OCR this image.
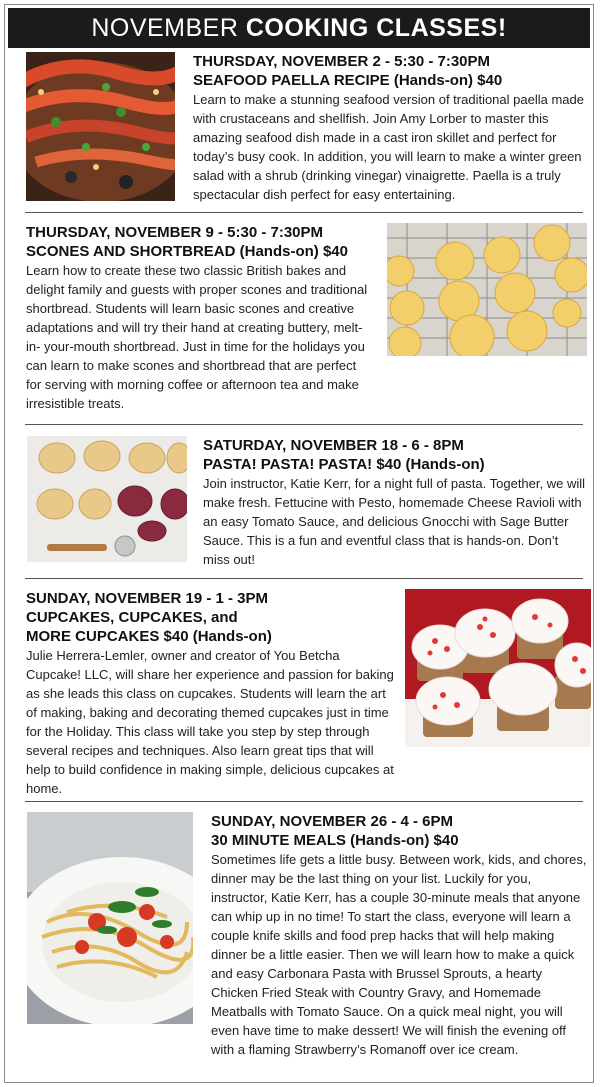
NOVEMBER COOKING CLASSES!

THURSDAY, NOVEMBER 2 - 5:30 - 7:30PM

SEAFOOD PAELLA RECIPE (Hands-on) $40

Learn to make a stunning seafood version of traditional paella made with crustaceans and shellfish. Join Amy Lorber to master this amazing seafood dish made in a cast iron skillet and perfect for today’s busy cook. In addition, you will learn to make a winter green salad with a shrub (drinking vinegar) vinaigrette. Paella is a truly spectacular dish perfect for easy entertaining.

THURSDAY, NOVEMBER 9 - 5:30 - 7:30PM

SCONES AND SHORTBREAD (Hands-on) $40

Learn how to create these two classic British bakes and delight family and guests with proper scones and traditional shortbread. Students will learn basic scones and creative adaptations and will try their hand at creating buttery, melt-in- your-mouth shortbread. Just in time for the holidays you can learn to make scones and shortbread that are perfect for serving with morning coffee or afternoon tea and make irresistible treats.

SATURDAY, NOVEMBER 18 - 6 - 8PM

PASTA! PASTA! PASTA! $40 (Hands-on)

Join instructor, Katie Kerr, for a night full of pasta. Together, we will make fresh. Fettucine with Pesto, homemade Cheese Ravioli with an easy Tomato Sauce, and delicious Gnocchi with Sage Butter Sauce. This is a fun and eventful class that is hands-on. Don’t miss out!

SUNDAY, NOVEMBER 19 - 1 - 3PM

CUPCAKES, CUPCAKES, and

MORE CUPCAKES $40 (Hands-on)

Julie Herrera-Lemler, owner and creator of You Betcha Cupcake! LLC, will share her experience and passion for baking as she leads this class on cupcakes. Students will learn the art of making, baking and decorating themed cupcakes just in time for the Holiday. This class will take you step by step through several recipes and techniques. Also learn great tips that will help to build confidence in making simple, delicious cupcakes at home.

SUNDAY, NOVEMBER 26 - 4 - 6PM

30 MINUTE MEALS (Hands-on) $40

Sometimes life gets a little busy. Between work, kids, and chores, dinner may be the last thing on your list. Luckily for you, instructor, Katie Kerr, has a couple 30-minute meals that anyone can whip up in no time! To start the class, everyone will learn a couple knife skills and food prep hacks that will help making dinner be a little easier. Then we will learn how to make a quick and easy Carbonara Pasta with Brussel Sprouts, a hearty Chicken Fried Steak with Country Gravy, and Homemade Meatballs with Tomato Sauce. On a quick meal night, you will even have time to make dessert! We will finish the evening off with a flaming Strawberry’s Romanoff over ice cream.
